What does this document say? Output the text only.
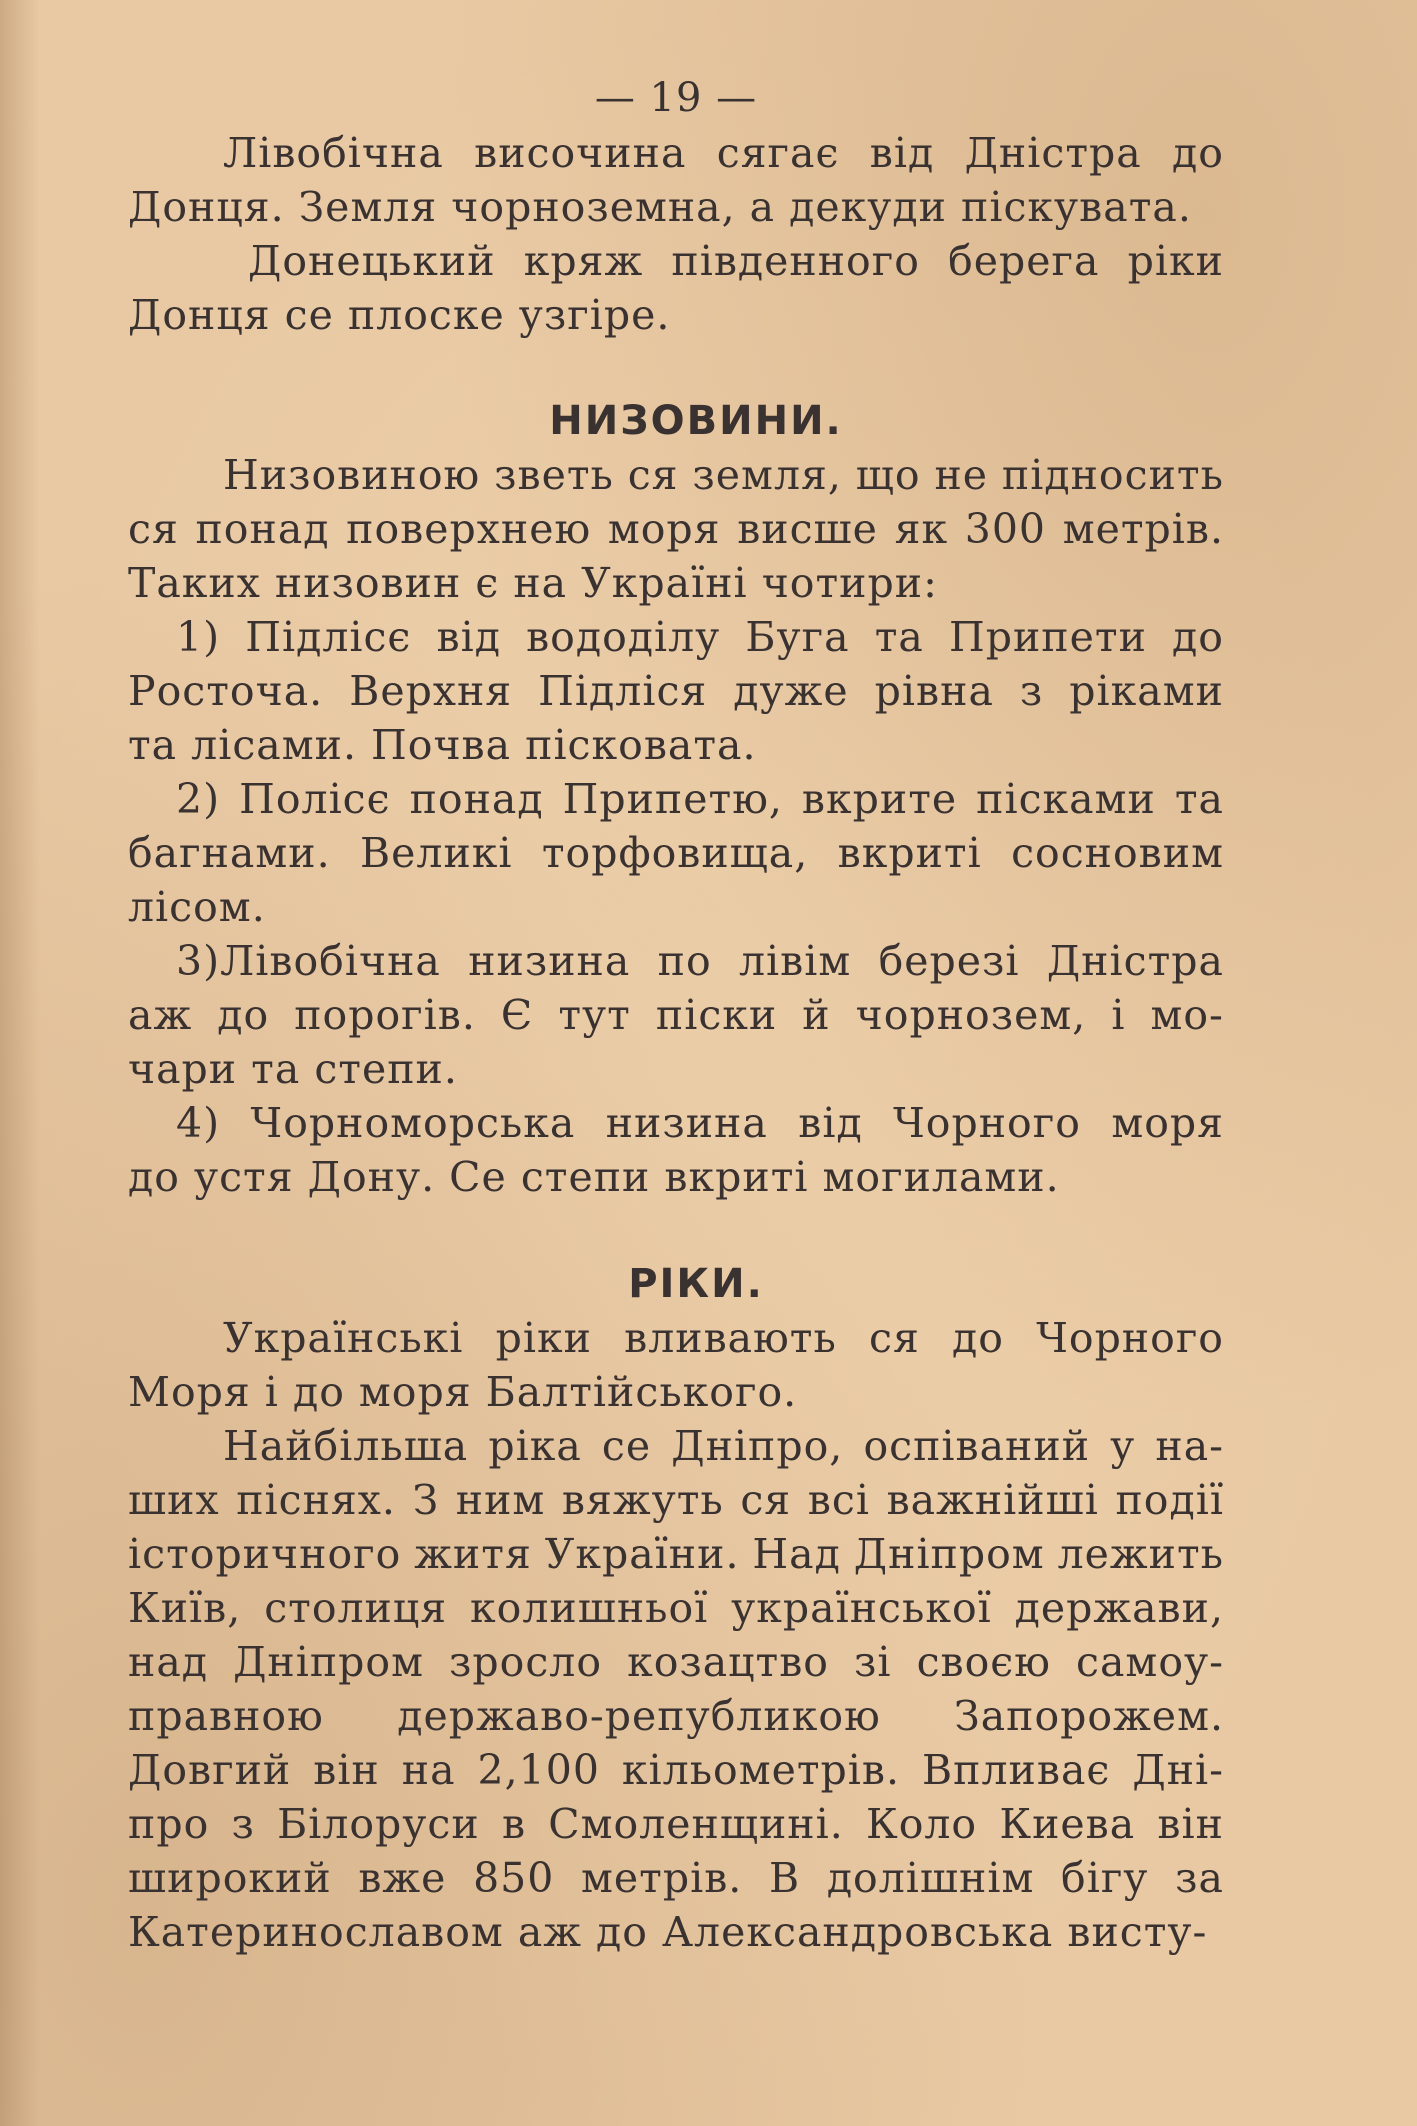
— 19 —
Лівобічна височина сягає від Дністра до
Донця. Земля чорноземна, а декуди піскувата.
Донецький кряж південного берега ріки
Донця се плоске узгіре.
НИЗОВИНИ.
Низовиною зветь ся земля, що не підносить
ся понад поверхнею моря висше як 300 метрів.
Таких низовин є на Україні чотири:
1) Підлісє від вододілу Буга та Припети до
Росточа. Верхня Підліся дуже рівна з ріками
та лісами. Почва пісковата.
2) Полісє понад Припетю, вкрите пісками та
багнами. Великі торфовища, вкриті сосновим
лісом.
3)Лівобічна низина по лівім березі Дністра
аж до порогів. Є тут піски й чорнозем, і мо-
чари та степи.
4) Чорноморська низина від Чорного моря
до устя Дону. Се степи вкриті могилами.
РІКИ.
Українські ріки вливають ся до Чорного
Моря і до моря Балтійського.
Найбільша ріка се Дніпро, оспіваний у на-
ших піснях. З ним вяжуть ся всі важнійші події
історичного житя України. Над Дніпром лежить
Київ, столиця колишньої української держави,
над Дніпром зросло козацтво зі своєю самоу-
правною державо-републикою Запорожем.
Довгий він на 2,100 кільометрів. Впливає Дні-
про з Білоруси в Смоленщині. Коло Киева він
широкий вже 850 метрів. В долішнім бігу за
Катеринославом аж до Александровська висту-
